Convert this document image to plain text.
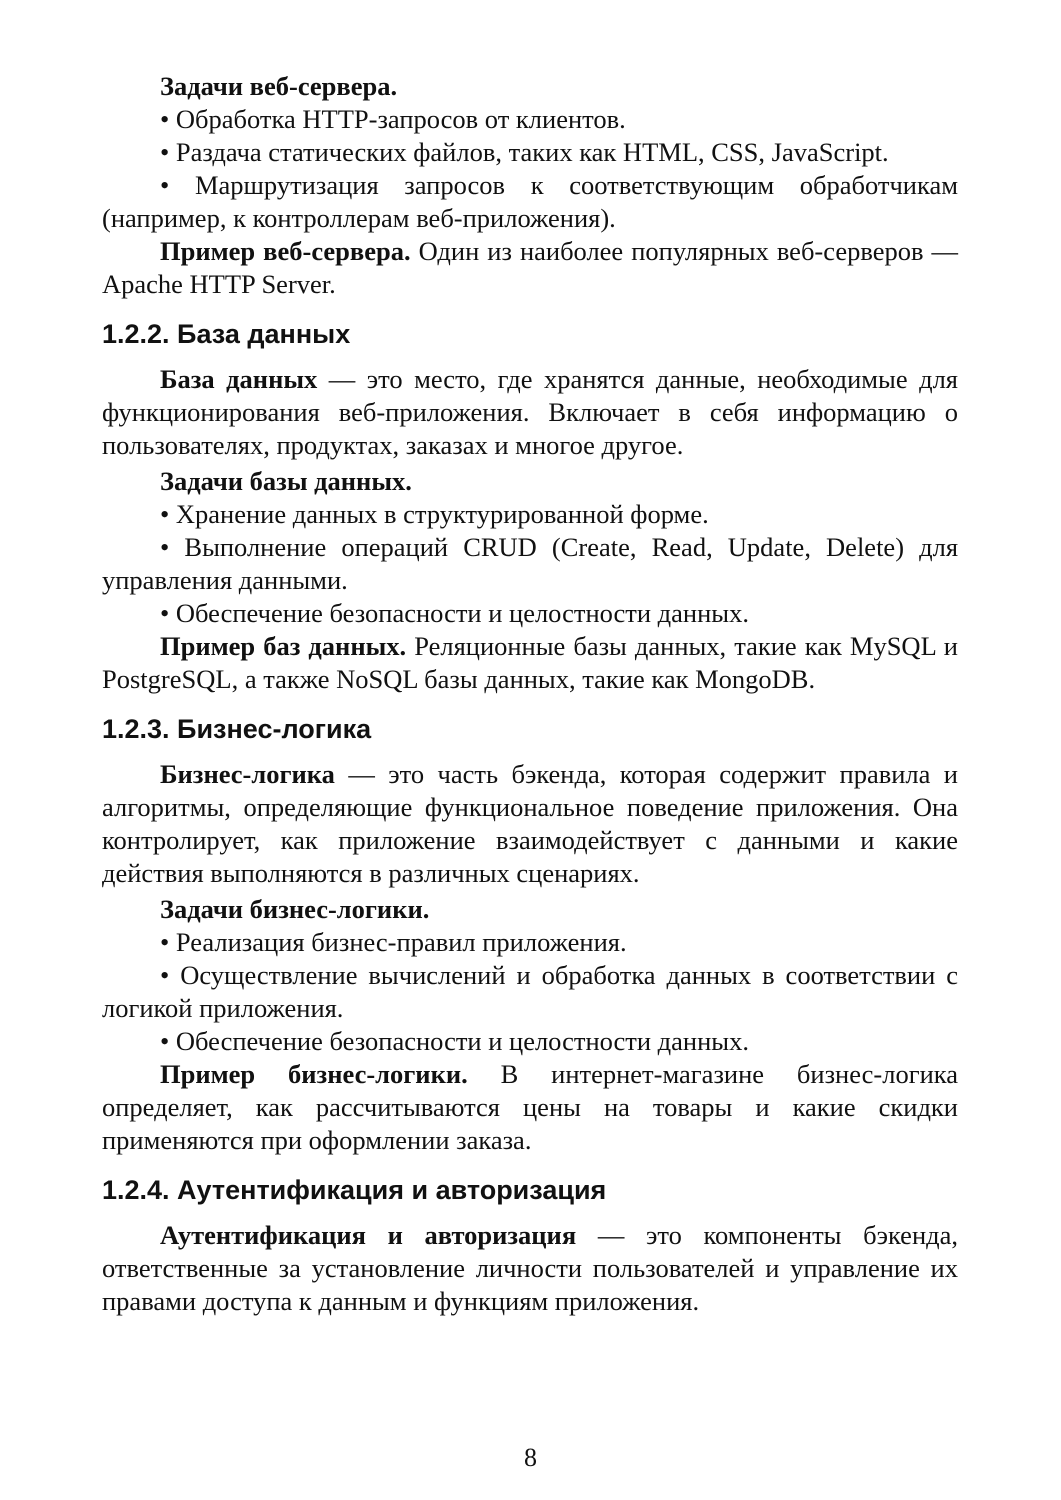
Задачи веб-сервера.

• Обработка HTTP-запросов от клиентов.

• Раздача статических файлов, таких как HTML, CSS, JavaScript.

• Маршрутизация запросов к соответствующим обработчикам (например, к контроллерам веб-приложения).

Пример веб-сервера. Один из наиболее популярных веб-серверов — Apache HTTP Server.

1.2.2. База данных

База данных — это место, где хранятся данные, необходимые для функционирования веб-приложения. Включает в себя информацию о пользователях, продуктах, заказах и многое другое.

Задачи базы данных.

• Хранение данных в структурированной форме.

• Выполнение операций CRUD (Create, Read, Update, Delete) для управления данными.

• Обеспечение безопасности и целостности данных.

Пример баз данных. Реляционные базы данных, такие как MySQL и PostgreSQL, а также NoSQL базы данных, такие как MongoDB.

1.2.3. Бизнес-логика

Бизнес-логика — это часть бэкенда, которая содержит правила и алгоритмы, определяющие функциональное поведение приложения. Она контролирует, как приложение взаимодействует с данными и какие действия выполняются в различных сценариях.

Задачи бизнес-логики.

• Реализация бизнес-правил приложения.

• Осуществление вычислений и обработка данных в соответствии с логикой приложения.

• Обеспечение безопасности и целостности данных.

Пример бизнес-логики. В интернет-магазине бизнес-логика определяет, как рассчитываются цены на товары и какие скидки применяются при оформлении заказа.

1.2.4. Аутентификация и авторизация

Аутентификация и авторизация — это компоненты бэкенда, ответственные за установление личности пользователей и управление их правами доступа к данным и функциям приложения.

8
